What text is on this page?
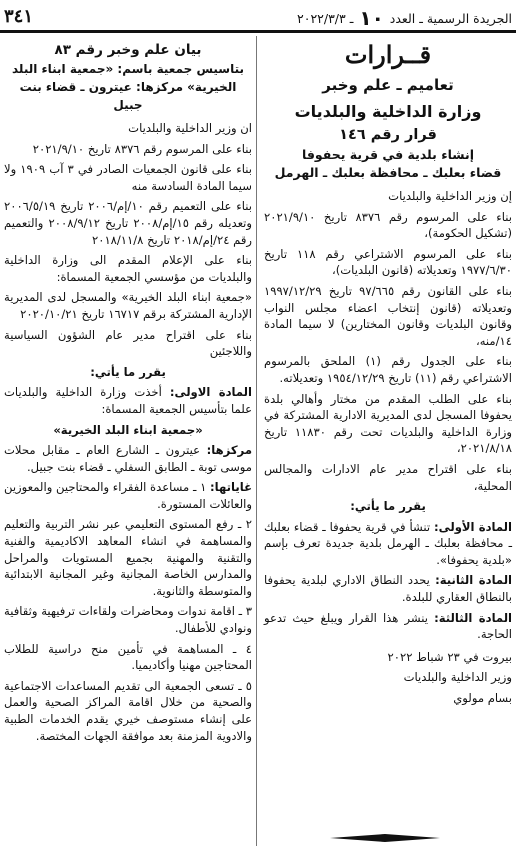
٣٤١	الجريدة الرسمية ـ العدد ١٠ ـ ٢٠٢٢/٣/٣
قــرارات
تعاميم ـ علم وخبر
وزارة الداخلية والبلديات
قرار رقم ١٤٦
إنشاء بلدية في قرية يحفوفا
قضاء بعلبك ـ محافظة بعلبك ـ الهرمل

إن وزير الداخلية والبلديات

بناء على المرسوم رقم ٨٣٧٦ تاريخ ٢٠٢١/٩/١٠ (تشكيل الحكومة)،

بناء على المرسوم الاشتراعي رقم ١١٨ تاريخ ١٩٧٧/٦/٣٠ وتعديلاته (قانون البلديات)،

بناء على القانون رقم ٩٧/٦٦٥ تاريخ ١٩٩٧/١٢/٢٩ وتعديلاته (قانون إنتخاب اعضاء مجلس النواب وقانون البلديات وقانون المختارين) لا سيما المادة ١٤/منه،

بناء على الجدول رقم (١) الملحق بالمرسوم الاشتراعي رقم (١١) تاريخ ١٩٥٤/١٢/٢٩ وتعديلاته.

بناء على الطلب المقدم من مختار وأهالي بلدة يحفوفا المسجل لدى المديرية الادارية المشتركة في وزارة الداخلية والبلديات تحت رقم ١١٨٣٠ تاريخ ٢٠٢١/٨/١٨،

بناء على اقتراح مدير عام الادارات والمجالس المحلية،

يقرر ما يأتي:

المادة الأولى: تنشأ في قرية يحفوفا ـ قضاء بعلبك ـ محافظة بعلبك ـ الهرمل بلدية جديدة تعرف بإسم «بلدية يحفوفا».

المادة الثانية: يحدد النطاق الاداري لبلدية يحفوفا بالنطاق العقاري للبلدة.

المادة الثالثة: ينشر هذا القرار ويبلغ حيث تدعو الحاجة.

بيروت في ٢٣ شباط ٢٠٢٢

وزير الداخلية والبلديات

بسام مولوي

بيان علم وخبر رقم ٨٣
بتاسيس جمعية باسم: «جمعية ابناء البلد
الخيرية» مركزها: عيترون ـ قضاء بنت جبيل

ان وزير الداخلية والبلديات

بناء على المرسوم رقم ٨٣٧٦ تاريخ ٢٠٢١/٩/١٠

بناء على قانون الجمعيات الصادر في ٣ آب ١٩٠٩ ولا سيما المادة السادسة منه

بناء على التعميم رقم ١٠/إم/٢٠٠٦ تاريخ ٢٠٠٦/٥/١٩ وتعديله رقم ١٥/إم/٢٠٠٨ تاريخ ٢٠٠٨/٩/١٢ والتعميم رقم ٢٤/إم/٢٠١٨ تاريخ ٢٠١٨/١١/٨

بناء على الإعلام المقدم الى وزارة الداخلية والبلديات من مؤسسي الجمعية المسماة:

«جمعية ابناء البلد الخيرية» والمسجل لدى المديرية الإدارية المشتركة برقم ١٦٧١٧ تاريخ ٢٠٢٠/١٠/٢١

بناء على اقتراح مدير عام الشؤون السياسية واللاجئين

يقرر ما يأتي:

المادة الاولى: أخذت وزارة الداخلية والبلديات علما بتأسيس الجمعية المسماة:

«جمعية ابناء البلد الخيرية»

مركزها: عيترون ـ الشارع العام ـ مقابل محلات موسى توبة ـ الطابق السفلي ـ قضاء بنت جبيل.

غاياتها: ١ ـ مساعدة الفقراء والمحتاجين والمعوزين والعائلات المستورة.

٢ ـ رفع المستوى التعليمي عبر نشر التربية والتعليم والمساهمة في انشاء المعاهد الاكاديمية والفنية والتقنية والمهنية بجميع المستويات والمراحل والمدارس الخاصة المجانية وغير المجانية الابتدائية والمتوسطة والثانوية.

٣ ـ اقامة ندوات ومحاضرات ولقاءات ترفيهية وثقافية ونوادي للأطفال.

٤ ـ المساهمة في تأمين منح دراسية للطلاب المحتاجين مهنيا وأكاديميا.

٥ ـ تسعى الجمعية الى تقديم المساعدات الاجتماعية والصحية من خلال اقامة المراكز الصحية والعمل على إنشاء مستوصف خيري يقدم الخدمات الطبية والادوية المزمنة بعد موافقة الجهات المختصة.
